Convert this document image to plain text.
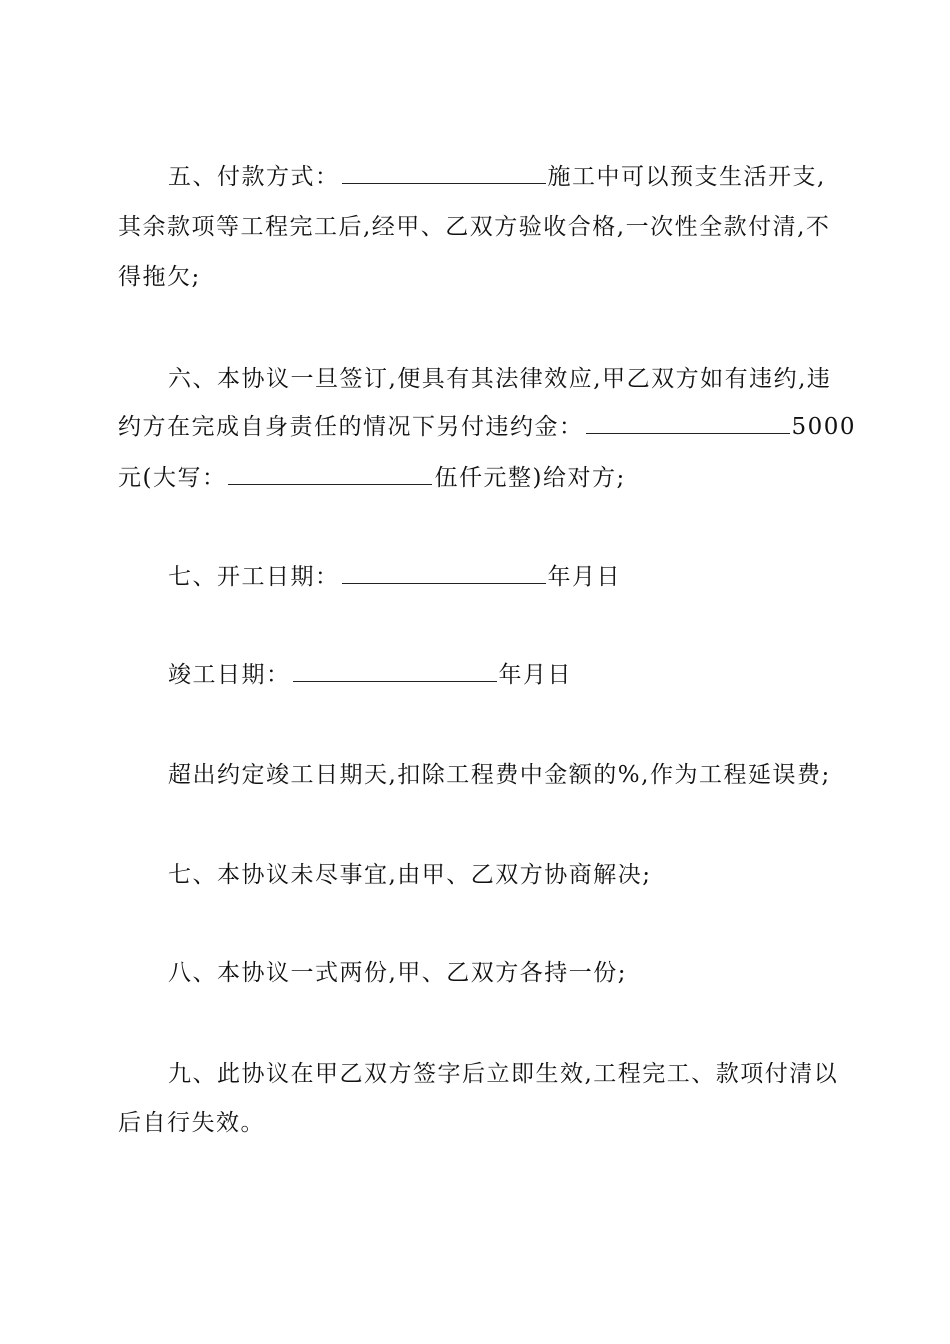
五、付款方式：	施工中可以预支生活开支,
其余款项等工程完工后,经甲、乙双方验收合格,一次性全款付清,不
得拖欠;
六、本协议一旦签订,便具有其法律效应,甲乙双方如有违约,违
约方在完成自身责任的情况下另付违约金：	5000
元(大写：	伍仟元整)给对方;
七、开工日期：	年月日
竣工日期：	年月日
超出约定竣工日期天,扣除工程费中金额的%,作为工程延误费;
七、本协议未尽事宜,由甲、乙双方协商解决;
八、本协议一式两份,甲、乙双方各持一份;
九、此协议在甲乙双方签字后立即生效,工程完工、款项付清以
后自行失效。
